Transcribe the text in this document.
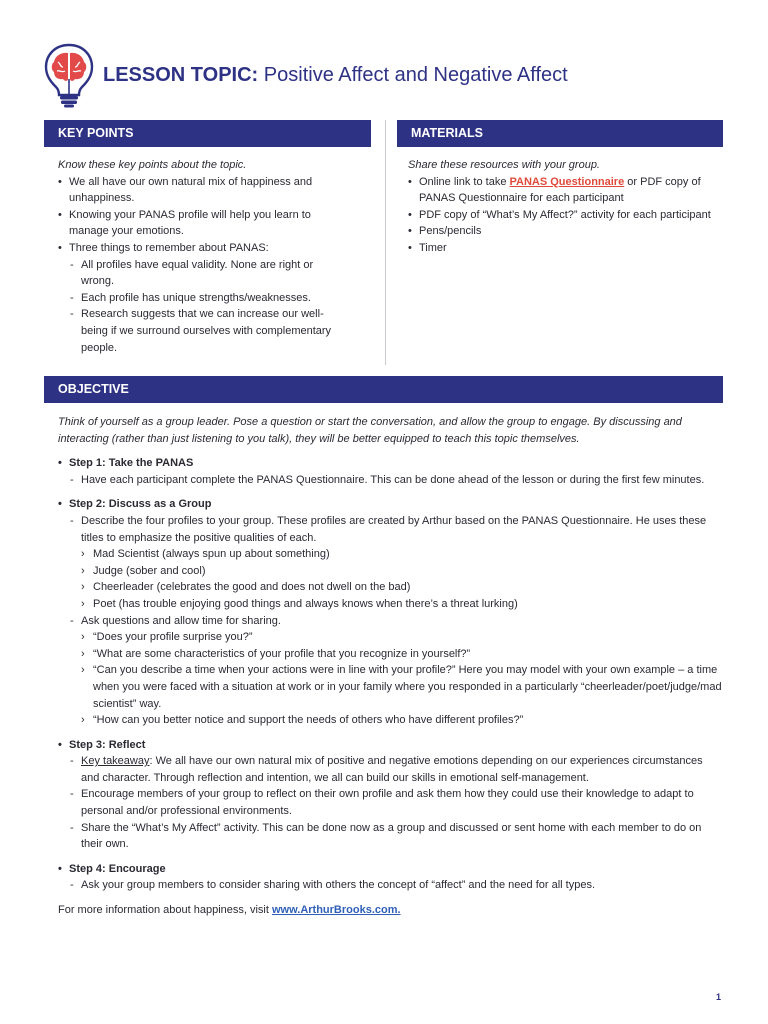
LESSON TOPIC: Positive Affect and Negative Affect
KEY POINTS	MATERIALS
Know these key points about the topic.
• We all have our own natural mix of happiness and unhappiness.
• Knowing your PANAS profile will help you learn to manage your emotions.
• Three things to remember about PANAS:
- All profiles have equal validity. None are right or wrong.
- Each profile has unique strengths/weaknesses.
- Research suggests that we can increase our well-being if we surround ourselves with complementary people.
Share these resources with your group.
• Online link to take PANAS Questionnaire or PDF copy of PANAS Questionnaire for each participant
• PDF copy of “What’s My Affect?” activity for each participant
• Pens/pencils
• Timer
OBJECTIVE
Think of yourself as a group leader. Pose a question or start the conversation, and allow the group to engage. By discussing and interacting (rather than just listening to you talk), they will be better equipped to teach this topic themselves.
• Step 1: Take the PANAS
- Have each participant complete the PANAS Questionnaire. This can be done ahead of the lesson or during the first few minutes.
• Step 2: Discuss as a Group
- Describe the four profiles to your group. These profiles are created by Arthur based on the PANAS Questionnaire. He uses these titles to emphasize the positive qualities of each.
› Mad Scientist (always spun up about something)
› Judge (sober and cool)
› Cheerleader (celebrates the good and does not dwell on the bad)
› Poet (has trouble enjoying good things and always knows when there’s a threat lurking)
- Ask questions and allow time for sharing.
› “Does your profile surprise you?”
› “What are some characteristics of your profile that you recognize in yourself?”
› “Can you describe a time when your actions were in line with your profile?” Here you may model with your own example – a time when you were faced with a situation at work or in your family where you responded in a particularly “cheerleader/poet/judge/mad scientist” way.
› “How can you better notice and support the needs of others who have different profiles?”
• Step 3: Reflect
- Key takeaway: We all have our own natural mix of positive and negative emotions depending on our experiences circumstances and character. Through reflection and intention, we all can build our skills in emotional self-management.
- Encourage members of your group to reflect on their own profile and ask them how they could use their knowledge to adapt to personal and/or professional environments.
- Share the “What’s My Affect” activity. This can be done now as a group and discussed or sent home with each member to do on their own.
• Step 4: Encourage
- Ask your group members to consider sharing with others the concept of “affect” and the need for all types.
For more information about happiness, visit www.ArthurBrooks.com.
1
